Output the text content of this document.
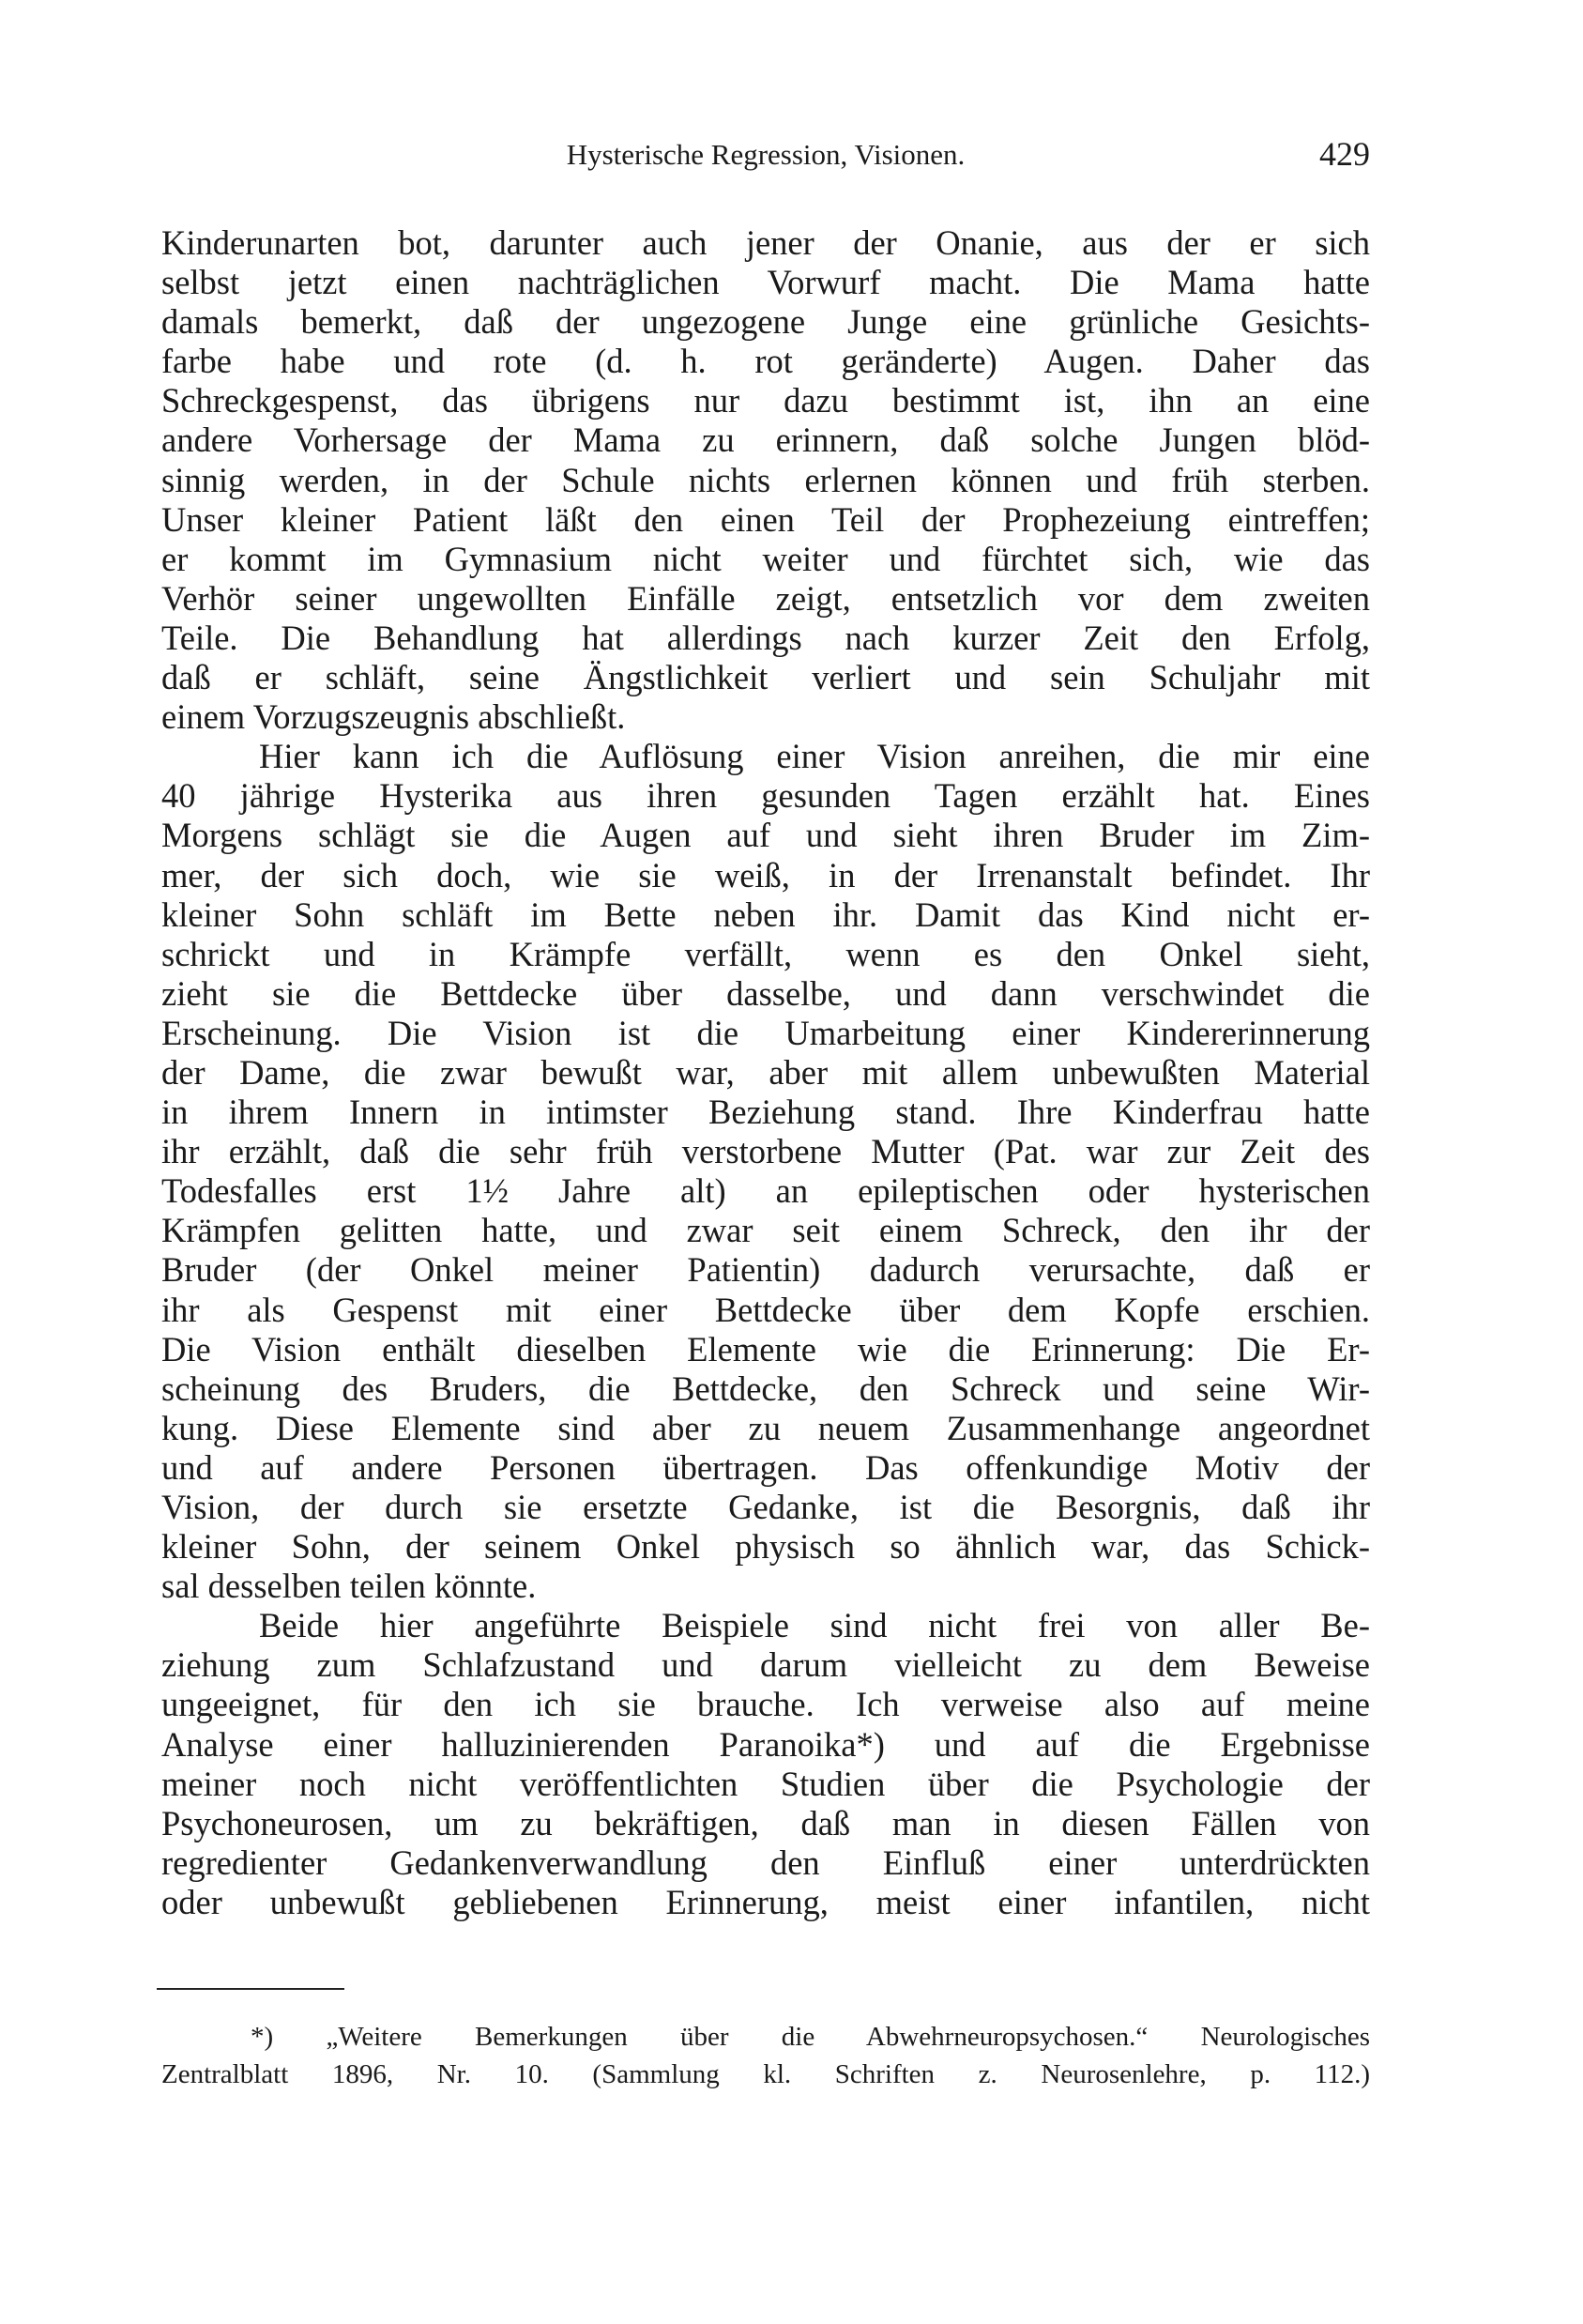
Hysterische Regression, Visionen.	429
Kinderunarten bot, darunter auch jener der Onanie, aus der er sich
selbst jetzt einen nachträglichen Vorwurf macht. Die Mama hatte
damals bemerkt, daß der ungezogene Junge eine grünliche Gesichts-
farbe habe und rote (d. h. rot geränderte) Augen. Daher das
Schreckgespenst, das übrigens nur dazu bestimmt ist, ihn an eine
andere Vorhersage der Mama zu erinnern, daß solche Jungen blöd-
sinnig werden, in der Schule nichts erlernen können und früh sterben.
Unser kleiner Patient läßt den einen Teil der Prophezeiung eintreffen;
er kommt im Gymnasium nicht weiter und fürchtet sich, wie das
Verhör seiner ungewollten Einfälle zeigt, entsetzlich vor dem zweiten
Teile. Die Behandlung hat allerdings nach kurzer Zeit den Erfolg,
daß er schläft, seine Ängstlichkeit verliert und sein Schuljahr mit
einem Vorzugszeugnis abschließt.
Hier kann ich die Auflösung einer Vision anreihen, die mir eine
40 jährige Hysterika aus ihren gesunden Tagen erzählt hat. Eines
Morgens schlägt sie die Augen auf und sieht ihren Bruder im Zim-
mer, der sich doch, wie sie weiß, in der Irrenanstalt befindet. Ihr
kleiner Sohn schläft im Bette neben ihr. Damit das Kind nicht er-
schrickt und in Krämpfe verfällt, wenn es den Onkel sieht,
zieht sie die Bettdecke über dasselbe, und dann verschwindet die
Erscheinung. Die Vision ist die Umarbeitung einer Kindererinnerung
der Dame, die zwar bewußt war, aber mit allem unbewußten Material
in ihrem Innern in intimster Beziehung stand. Ihre Kinderfrau hatte
ihr erzählt, daß die sehr früh verstorbene Mutter (Pat. war zur Zeit des
Todesfalles erst 1½ Jahre alt) an epileptischen oder hysterischen
Krämpfen gelitten hatte, und zwar seit einem Schreck, den ihr der
Bruder (der Onkel meiner Patientin) dadurch verursachte, daß er
ihr als Gespenst mit einer Bettdecke über dem Kopfe erschien.
Die Vision enthält dieselben Elemente wie die Erinnerung: Die Er-
scheinung des Bruders, die Bettdecke, den Schreck und seine Wir-
kung. Diese Elemente sind aber zu neuem Zusammenhange angeordnet
und auf andere Personen übertragen. Das offenkundige Motiv der
Vision, der durch sie ersetzte Gedanke, ist die Besorgnis, daß ihr
kleiner Sohn, der seinem Onkel physisch so ähnlich war, das Schick-
sal desselben teilen könnte.
Beide hier angeführte Beispiele sind nicht frei von aller Be-
ziehung zum Schlafzustand und darum vielleicht zu dem Beweise
ungeeignet, für den ich sie brauche. Ich verweise also auf meine
Analyse einer halluzinierenden Paranoika*) und auf die Ergebnisse
meiner noch nicht veröffentlichten Studien über die Psychologie der
Psychoneurosen, um zu bekräftigen, daß man in diesen Fällen von
regredienter Gedankenverwandlung den Einfluß einer unterdrückten
oder unbewußt gebliebenen Erinnerung, meist einer infantilen, nicht
*) „Weitere Bemerkungen über die Abwehrneuropsychosen.“ Neurologisches
Zentralblatt 1896, Nr. 10. (Sammlung kl. Schriften z. Neurosenlehre, p. 112.)
